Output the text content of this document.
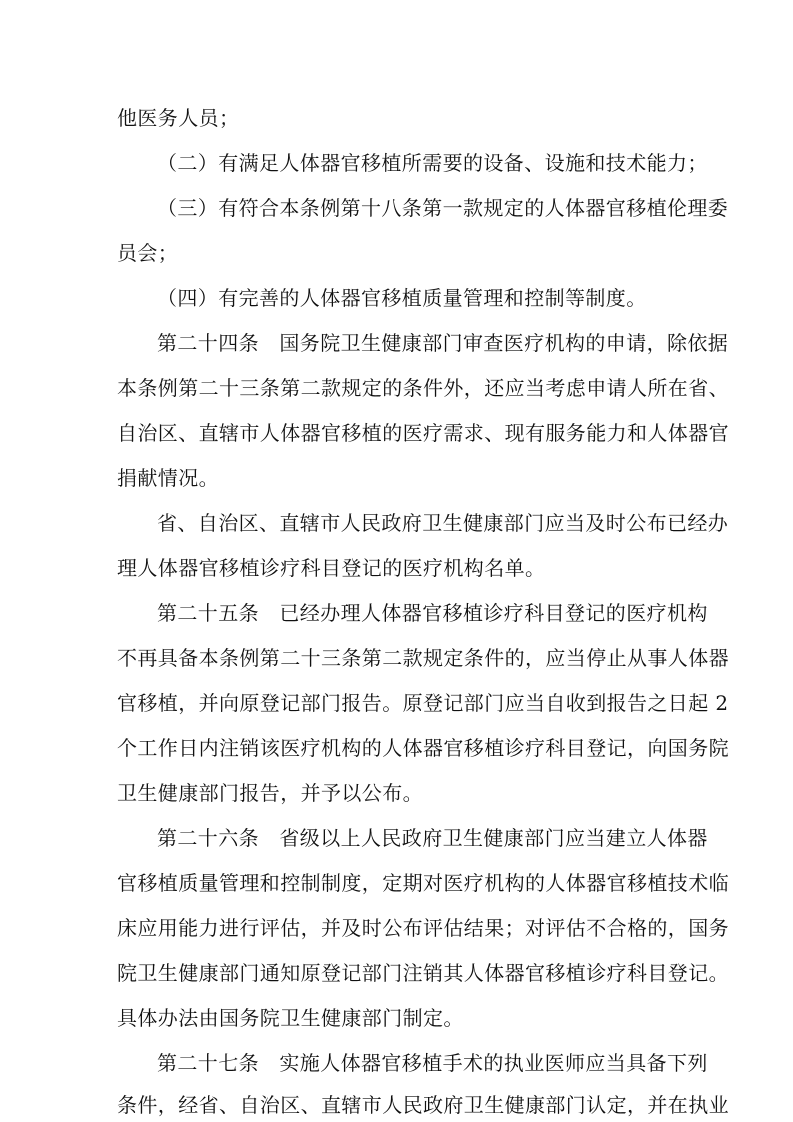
他医务人员；
（二）有满足人体器官移植所需要的设备、设施和技术能力；
（三）有符合本条例第十八条第一款规定的人体器官移植伦理委
员会；
（四）有完善的人体器官移植质量管理和控制等制度。
第二十四条　国务院卫生健康部门审查医疗机构的申请，除依据
本条例第二十三条第二款规定的条件外，还应当考虑申请人所在省、
自治区、直辖市人体器官移植的医疗需求、现有服务能力和人体器官
捐献情况。
省、自治区、直辖市人民政府卫生健康部门应当及时公布已经办
理人体器官移植诊疗科目登记的医疗机构名单。
第二十五条　已经办理人体器官移植诊疗科目登记的医疗机构
不再具备本条例第二十三条第二款规定条件的，应当停止从事人体器
官移植，并向原登记部门报告。原登记部门应当自收到报告之日起 2
个工作日内注销该医疗机构的人体器官移植诊疗科目登记，向国务院
卫生健康部门报告，并予以公布。
第二十六条　省级以上人民政府卫生健康部门应当建立人体器
官移植质量管理和控制制度，定期对医疗机构的人体器官移植技术临
床应用能力进行评估，并及时公布评估结果；对评估不合格的，国务
院卫生健康部门通知原登记部门注销其人体器官移植诊疗科目登记。
具体办法由国务院卫生健康部门制定。
第二十七条　实施人体器官移植手术的执业医师应当具备下列
条件，经省、自治区、直辖市人民政府卫生健康部门认定，并在执业
